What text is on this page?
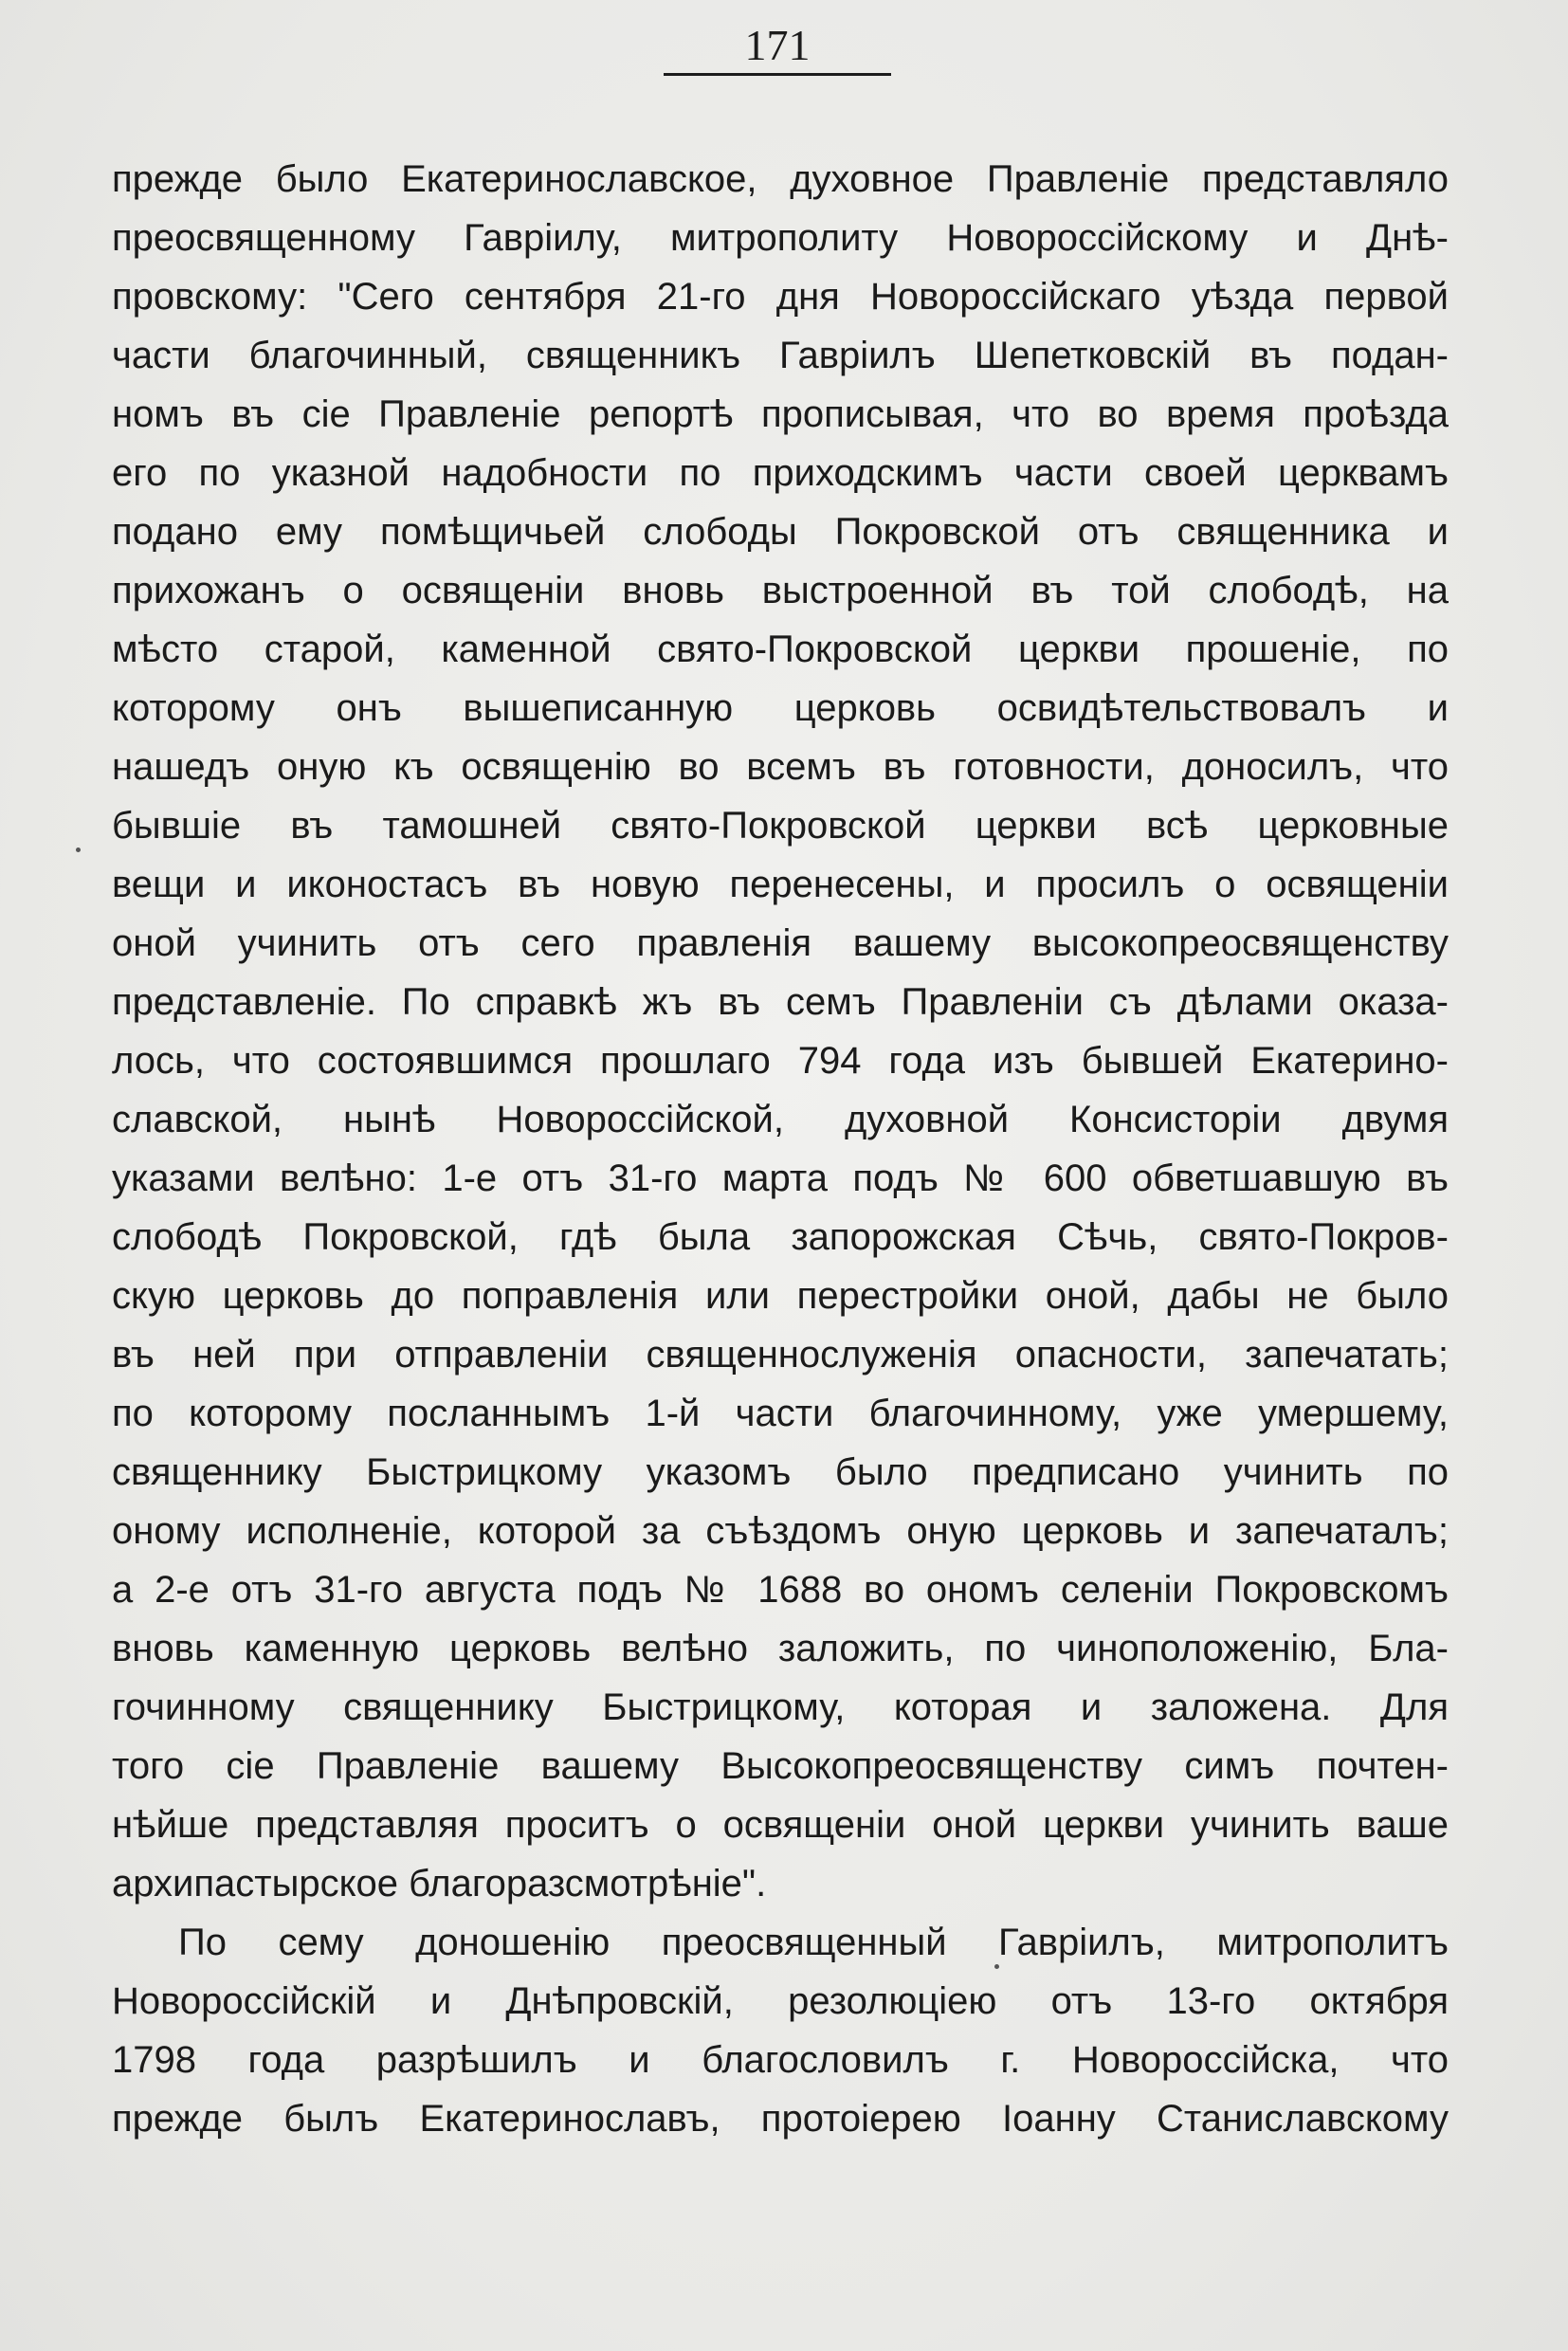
171
прежде было Екатеринославское, духовное Правленіе представляло
преосвященному Гавріилу, митрополиту Новороссійскому и Днѣ-
провскому: "Сего сентября 21-го дня Новороссійскаго уѣзда первой
части благочинный, священникъ Гавріилъ Шепетковскій въ подан-
номъ въ сіе Правленіе репортѣ прописывая, что во время проѣзда
его по указной надобности по приходскимъ части своей церквамъ
подано ему помѣщичьей слободы Покровской отъ священника и
прихожанъ о освященіи вновь выстроенной въ той слободѣ, на
мѣсто старой, каменной свято-Покровской церкви прошеніе, по
которому онъ вышеписанную церковь освидѣтельствовалъ и
нашедъ оную къ освященію во всемъ въ готовности, доносилъ, что
бывшіе въ тамошней свято-Покровской церкви всѣ церковные
вещи и иконостасъ въ новую перенесены, и просилъ о освященіи
оной учинить отъ сего правленія вашему высокопреосвященству
представленіе. По справкѣ жъ въ семъ Правленіи съ дѣлами оказа-
лось, что состоявшимся прошлаго 794 года изъ бывшей Екатерино-
славской, нынѣ Новороссійской, духовной Консисторіи двумя
указами велѣно: 1-е отъ 31-го марта подъ № 600 обветшавшую въ
слободѣ Покровской, гдѣ была запорожская Сѣчь, свято-Покров-
скую церковь до поправленія или перестройки оной, дабы не было
въ ней при отправленіи священнослуженія опасности, запечатать;
по которому посланнымъ 1-й части благочинному, уже умершему,
священнику Быстрицкому указомъ было предписано учинить по
оному исполненіе, которой за съѣздомъ оную церковь и запечаталъ;
а 2-е отъ 31-го августа подъ № 1688 во ономъ селеніи Покровскомъ
вновь каменную церковь велѣно заложить, по чиноположенію, Бла-
гочинному священнику Быстрицкому, которая и заложена. Для
того сіе Правленіе вашему Высокопреосвященству симъ почтен-
нѣйше представляя проситъ о освященіи оной церкви учинить ваше
архипастырское благоразсмотрѣніе".
По сему доношенію преосвященный Гавріилъ, митрополитъ
Новороссійскій и Днѣпровскій, резолюціею отъ 13-го октября
1798 года разрѣшилъ и благословилъ г. Новороссійска, что
прежде былъ Екатеринославъ, протоіерею Іоанну Станиславскому
